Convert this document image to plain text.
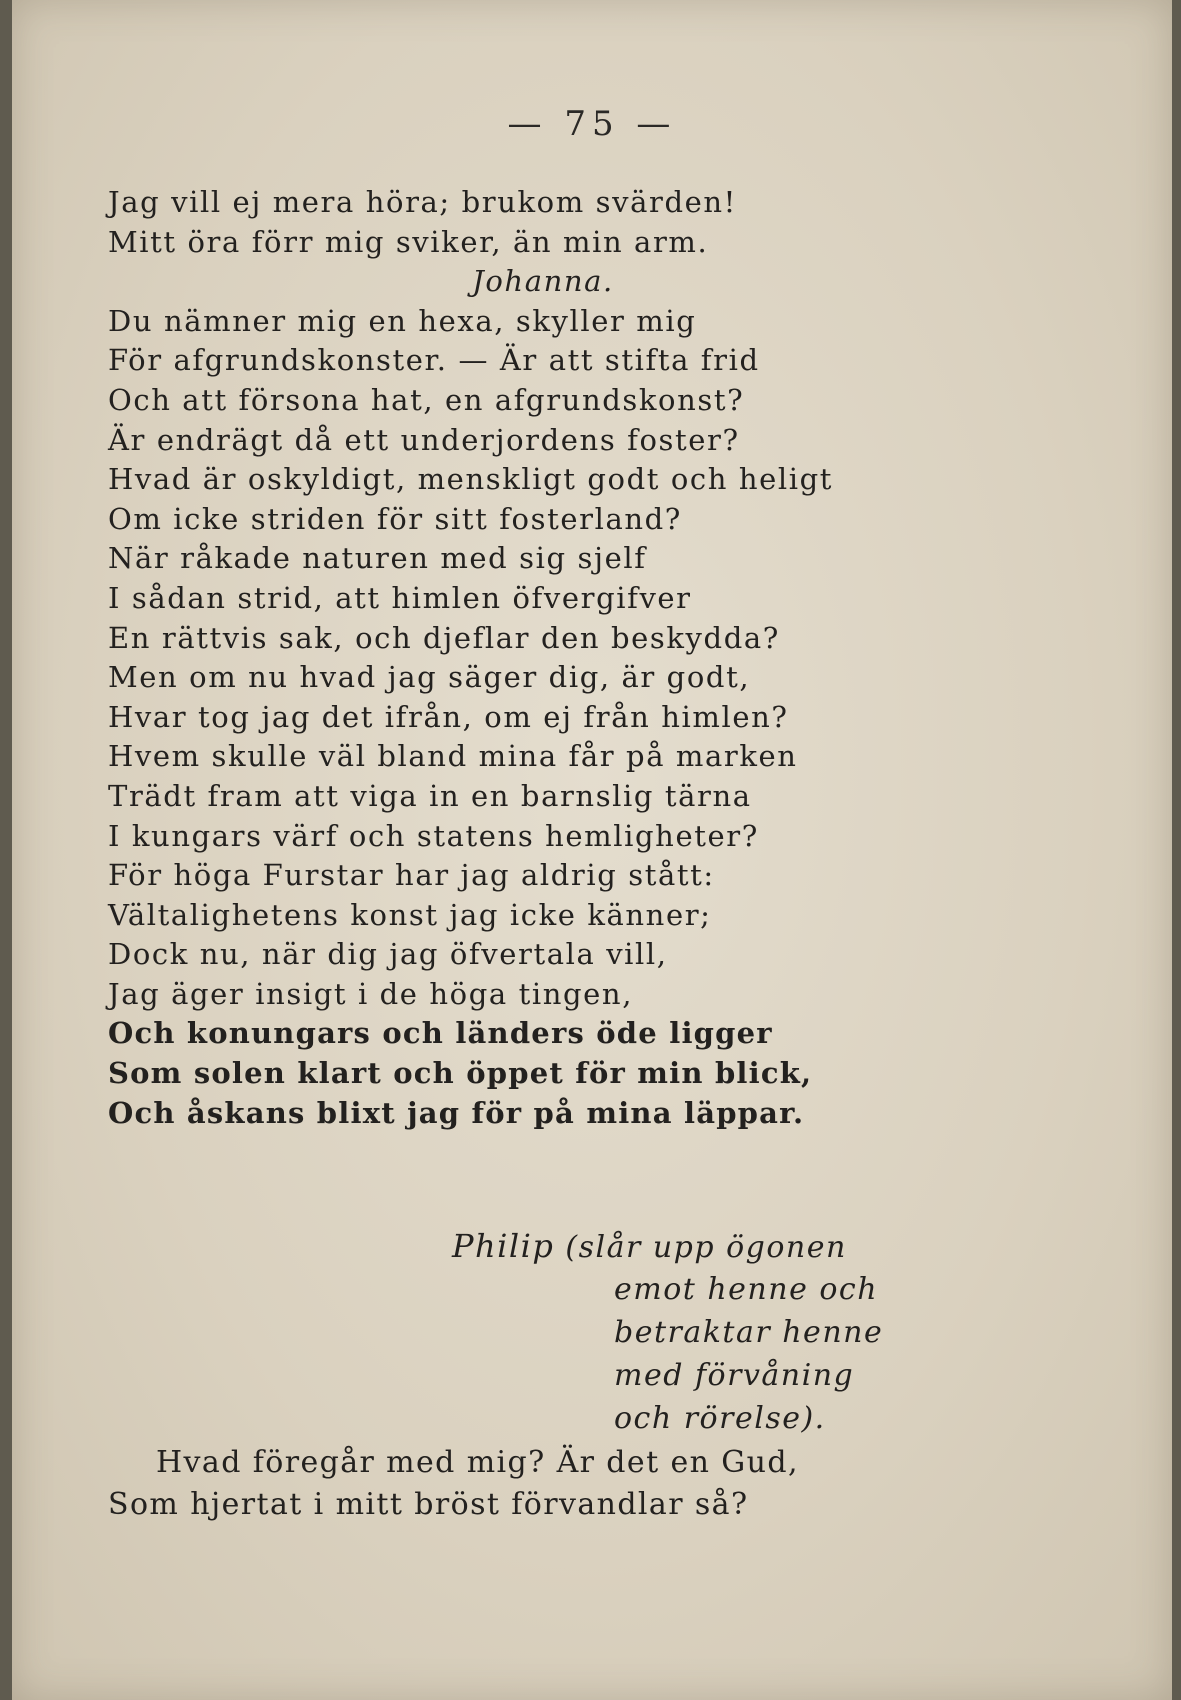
— 75 —
Jag vill ej mera höra; brukom svärden!
Mitt öra förr mig sviker, än min arm.
Johanna.
Du nämner mig en hexa, skyller mig
För afgrundskonster. — Är att stifta frid
Och att försona hat, en afgrundskonst?
Är endrägt då ett underjordens foster?
Hvad är oskyldigt, menskligt godt och heligt
Om icke striden för sitt fosterland?
När råkade naturen med sig sjelf
I sådan strid, att himlen öfvergifver
En rättvis sak, och djeflar den beskydda?
Men om nu hvad jag säger dig, är godt,
Hvar tog jag det ifrån, om ej från himlen?
Hvem skulle väl bland mina får på marken
Trädt fram att viga in en barnslig tärna
I kungars värf och statens hemligheter?
För höga Furstar har jag aldrig stått:
Vältalighetens konst jag icke känner;
Dock nu, när dig jag öfvertala vill,
Jag äger insigt i de höga tingen,
Och konungars och länders öde ligger
Som solen klart och öppet för min blick,
Och åskans blixt jag för på mina läppar.
Philip (slår upp ögonen
emot henne och
betraktar henne
med förvåning
och rörelse).
Hvad föregår med mig? Är det en Gud,
Som hjertat i mitt bröst förvandlar så?
